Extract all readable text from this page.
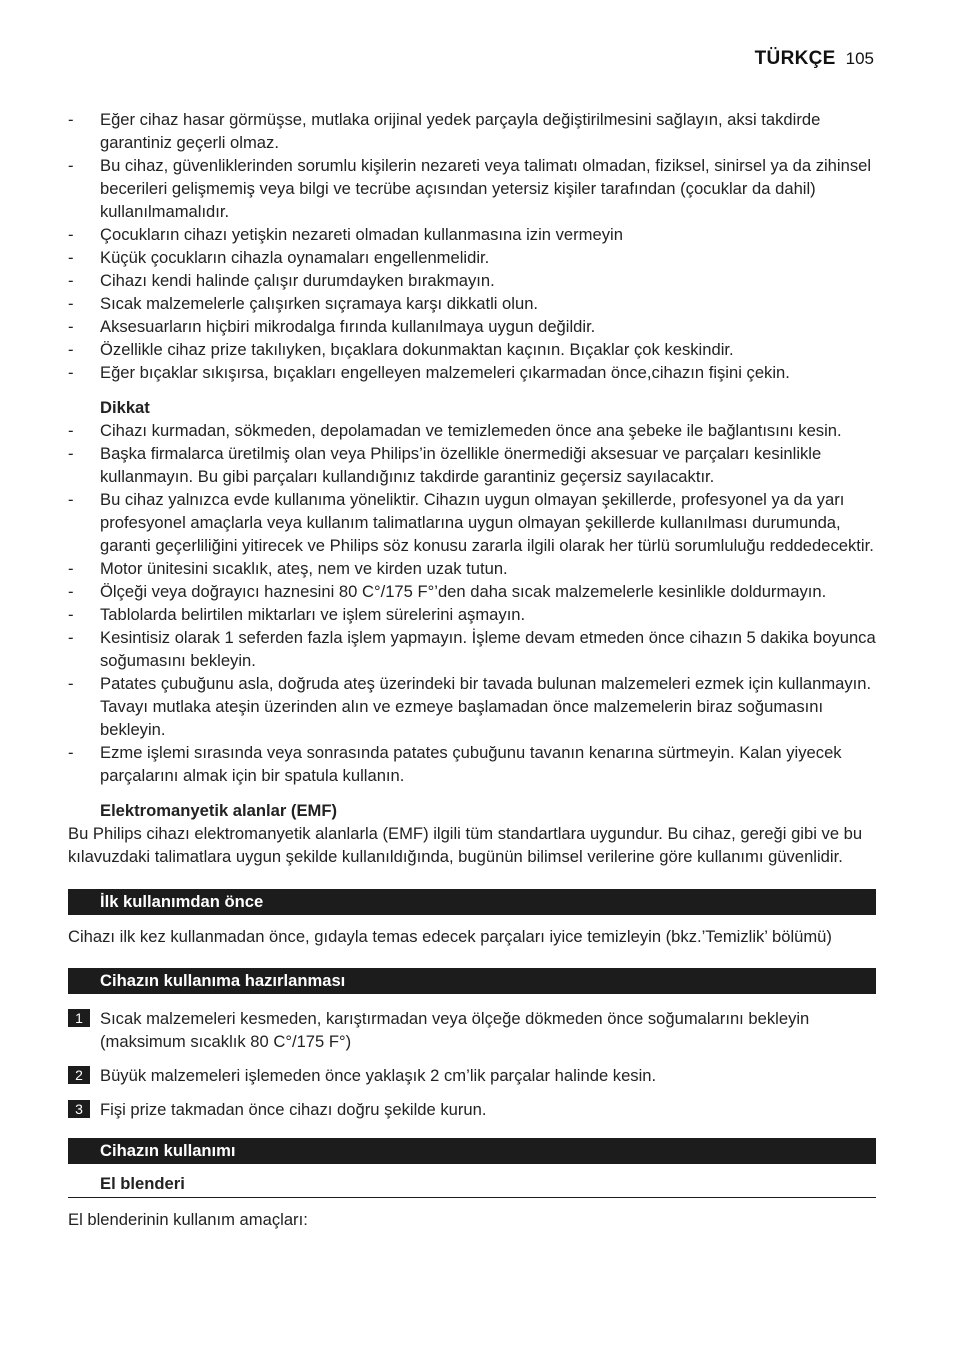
TÜRKÇE 105
- Eğer cihaz hasar görmüşse, mutlaka orijinal yedek parçayla değiştirilmesini sağlayın, aksi takdirde garantiniz geçerli olmaz.
- Bu cihaz, güvenliklerinden sorumlu kişilerin nezareti veya talimatı olmadan, fiziksel, sinirsel ya da zihinsel becerileri gelişmemiş veya bilgi ve tecrübe açısından yetersiz kişiler tarafından (çocuklar da dahil) kullanılmamalıdır.
- Çocukların cihazı yetişkin nezareti olmadan kullanmasına izin vermeyin
- Küçük çocukların cihazla oynamaları engellenmelidir.
- Cihazı kendi halinde çalışır durumdayken bırakmayın.
- Sıcak malzemelerle çalışırken sıçramaya karşı dikkatli olun.
- Aksesuarların hiçbiri mikrodalga fırında kullanılmaya uygun değildir.
- Özellikle cihaz prize takılıyken, bıçaklara dokunmaktan kaçının. Bıçaklar çok keskindir.
- Eğer bıçaklar sıkışırsa, bıçakları engelleyen malzemeleri çıkarmadan önce,cihazın fişini çekin.
Dikkat
- Cihazı kurmadan, sökmeden, depolamadan ve temizlemeden önce ana şebeke ile bağlantısını kesin.
- Başka firmalarca üretilmiş olan veya Philips’in özellikle önermediği aksesuar ve parçaları kesinlikle kullanmayın. Bu gibi parçaları kullandığınız takdirde garantiniz geçersiz sayılacaktır.
- Bu cihaz yalnızca evde kullanıma yöneliktir. Cihazın uygun olmayan şekillerde, profesyonel ya da yarı profesyonel amaçlarla veya kullanım talimatlarına uygun olmayan şekillerde kullanılması durumunda, garanti geçerliliğini yitirecek ve Philips söz konusu zararla ilgili olarak her türlü sorumluluğu reddedecektir.
- Motor ünitesini sıcaklık, ateş, nem ve kirden uzak tutun.
- Ölçeği veya doğrayıcı haznesini 80 C°/175 F°’den daha sıcak malzemelerle kesinlikle doldurmayın.
- Tablolarda belirtilen miktarları ve işlem sürelerini aşmayın.
- Kesintisiz olarak 1 seferden fazla işlem yapmayın. İşleme devam etmeden önce cihazın 5 dakika boyunca soğumasını bekleyin.
- Patates çubuğunu asla, doğruda ateş üzerindeki bir tavada bulunan malzemeleri ezmek için kullanmayın. Tavayı mutlaka ateşin üzerinden alın ve ezmeye başlamadan önce malzemelerin biraz soğumasını bekleyin.
- Ezme işlemi sırasında veya sonrasında patates çubuğunu tavanın kenarına sürtmeyin. Kalan yiyecek parçalarını almak için bir spatula kullanın.
Elektromanyetik alanlar (EMF)
Bu Philips cihazı elektromanyetik alanlarla (EMF) ilgili tüm standartlara uygundur. Bu cihaz, gereği gibi ve bu kılavuzdaki talimatlara uygun şekilde kullanıldığında, bugünün bilimsel verilerine göre kullanımı güvenlidir.
İlk kullanımdan önce
Cihazı ilk kez kullanmadan önce, gıdayla temas edecek parçaları iyice temizleyin (bkz.’Temizlik’ bölümü)
Cihazın kullanıma hazırlanması
1	Sıcak malzemeleri kesmeden, karıştırmadan veya ölçeğe dökmeden önce soğumalarını bekleyin (maksimum sıcaklık 80 C°/175 F°)
2	Büyük malzemeleri işlemeden önce yaklaşık 2 cm’lik parçalar halinde kesin.
3	Fişi prize takmadan önce cihazı doğru şekilde kurun.
Cihazın kullanımı
El blenderi
El blenderinin kullanım amaçları:
